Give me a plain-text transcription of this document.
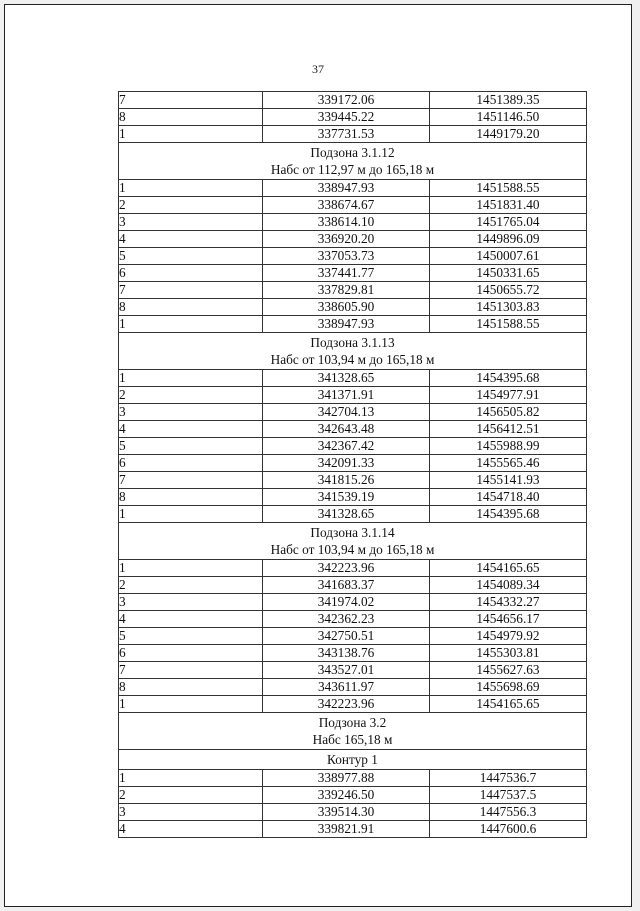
37
7	339172.06	1451389.35
8	339445.22	1451146.50
1	337731.53	1449179.20

Подзона 3.1.12
Набс от 112,97 м до 165,18 м		

1	338947.93	1451588.55
2	338674.67	1451831.40
3	338614.10	1451765.04
4	336920.20	1449896.09
5	337053.73	1450007.61
6	337441.77	1450331.65
7	337829.81	1450655.72
8	338605.90	1451303.83
1	338947.93	1451588.55

Подзона 3.1.13
Набс от 103,94 м до 165,18 м		

1	341328.65	1454395.68
2	341371.91	1454977.91
3	342704.13	1456505.82
4	342643.48	1456412.51
5	342367.42	1455988.99
6	342091.33	1455565.46
7	341815.26	1455141.93
8	341539.19	1454718.40
1	341328.65	1454395.68

Подзона 3.1.14
Набс от 103,94 м до 165,18 м		

1	342223.96	1454165.65
2	341683.37	1454089.34
3	341974.02	1454332.27
4	342362.23	1454656.17
5	342750.51	1454979.92
6	343138.76	1455303.81
7	343527.01	1455627.63
8	343611.97	1455698.69
1	342223.96	1454165.65

Подзона 3.2
Набс 165,18 м		

Контур 1		

1	338977.88	1447536.7
2	339246.50	1447537.5
3	339514.30	1447556.3
4	339821.91	1447600.6
